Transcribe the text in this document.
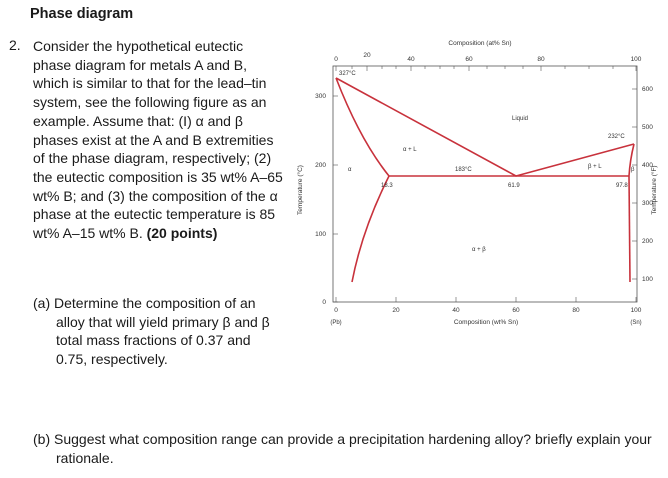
Phase diagram
2. Consider the hypothetical eutectic phase diagram for metals A and B, which is similar to that for the lead–tin system, see the following figure as an example. Assume that: (I) α and β phases exist at the A and B extremities of the phase diagram, respectively; (2) the eutectic composition is 35 wt% A–65 wt% B; and (3) the composition of the α phase at the eutectic temperature is 85 wt% A–15 wt% B. (20 points)
(a) Determine the composition of an alloy that will yield primary β and β total mass fractions of 0.37 and 0.75, respectively.
(b) Suggest what composition range can provide a precipitation hardening alloy? briefly explain your rationale.
0
20
40	60	80	100
Composition (at% Sn)
0	20	40	60	80	100
(Pb)	(Sn)
Composition (wt% Sn)
0
100
200
300
Temperature (°C)
100
200
300
400
500
600
Temperature (°F)
327°C
232°C
183°C
18.3	61.9	97.8
Liquid
α + L
β + L
α + β
α	β
